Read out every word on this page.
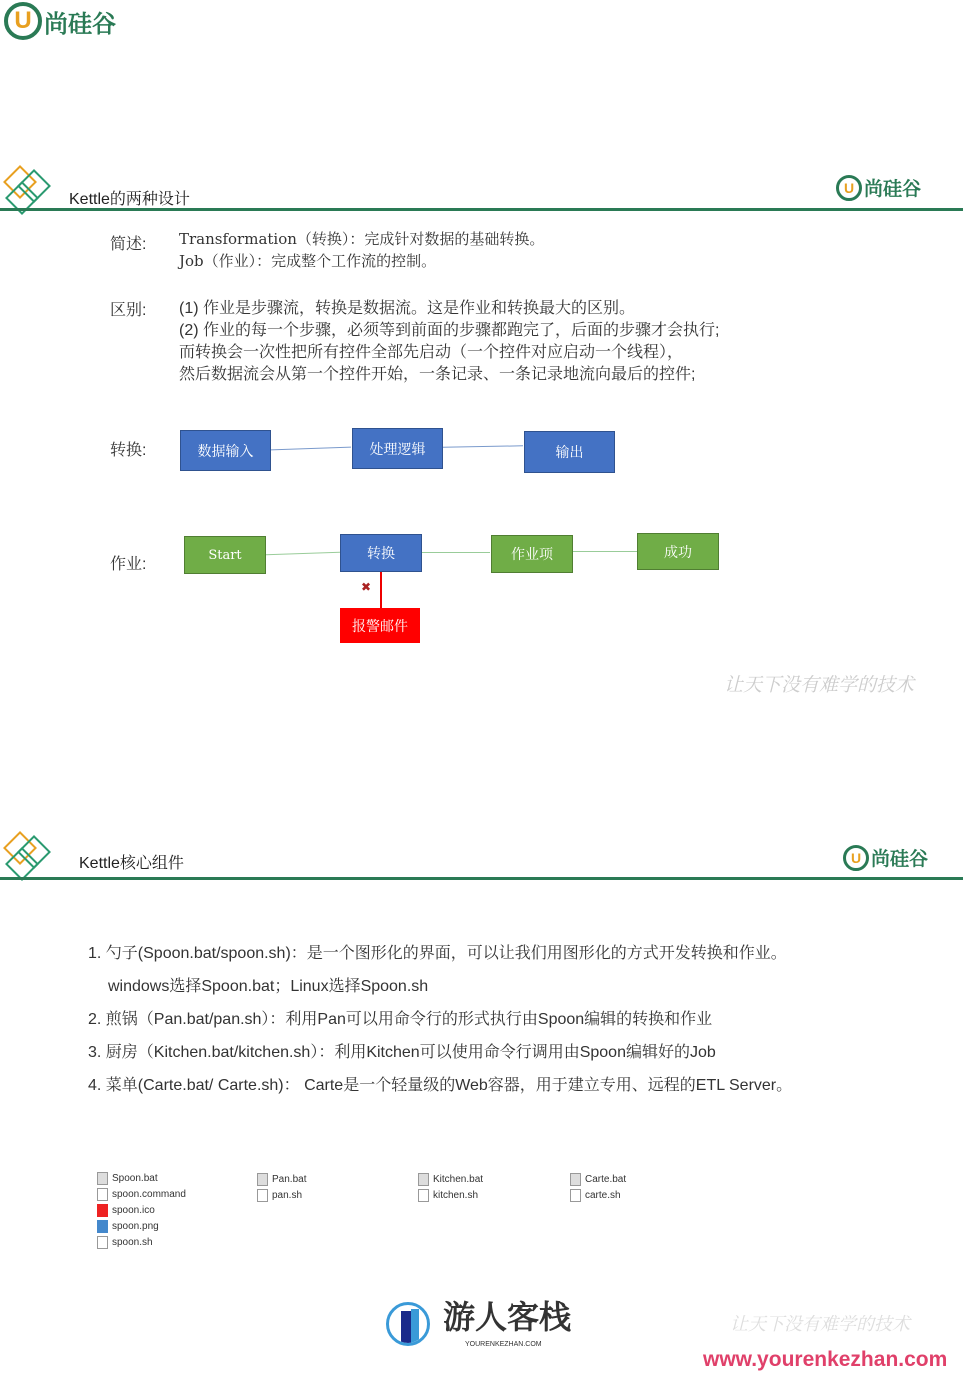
U 尚硅谷
Kettle的两种设计
U 尚硅谷
简述: Transformation（转换）：完成针对数据的基础转换。
Job（作业）：完成整个工作流的控制。
区别: (1) 作业是步骤流，转换是数据流。这是作业和转换最大的区别。
(2) 作业的每一个步骤，必须等到前面的步骤都跑完了，后面的步骤才会执行;
而转换会一次性把所有控件全部先启动（一个控件对应启动一个线程），
然后数据流会从第一个控件开始，一条记录、一条记录地流向最后的控件;
转换:	数据输入	处理逻辑	输出
作业:
Start	转换	作业项	成功
✖
报警邮件
让天下没有难学的技术
Kettle核心组件	U 尚硅谷
1. 勺子(Spoon.bat/spoon.sh)：是一个图形化的界面，可以让我们用图形化的方式开发转换和作业。
windows选择Spoon.bat；Linux选择Spoon.sh
2. 煎锅（Pan.bat/pan.sh）：利用Pan可以用命令行的形式执行由Spoon编辑的转换和作业
3. 厨房（Kitchen.bat/kitchen.sh）：利用Kitchen可以使用命令行调用由Spoon编辑好的Job
4. 菜单(Carte.bat/ Carte.sh)： Carte是一个轻量级的Web容器，用于建立专用、远程的ETL Server。
Spoon.bat
spoon.command
spoon.ico
spoon.png
spoon.sh
Pan.bat
pan.sh
Kitchen.bat
kitchen.sh
Carte.bat
carte.sh
游人客栈
YOURENKEZHAN.COM
让天下没有难学的技术
www.yourenkezhan.com
